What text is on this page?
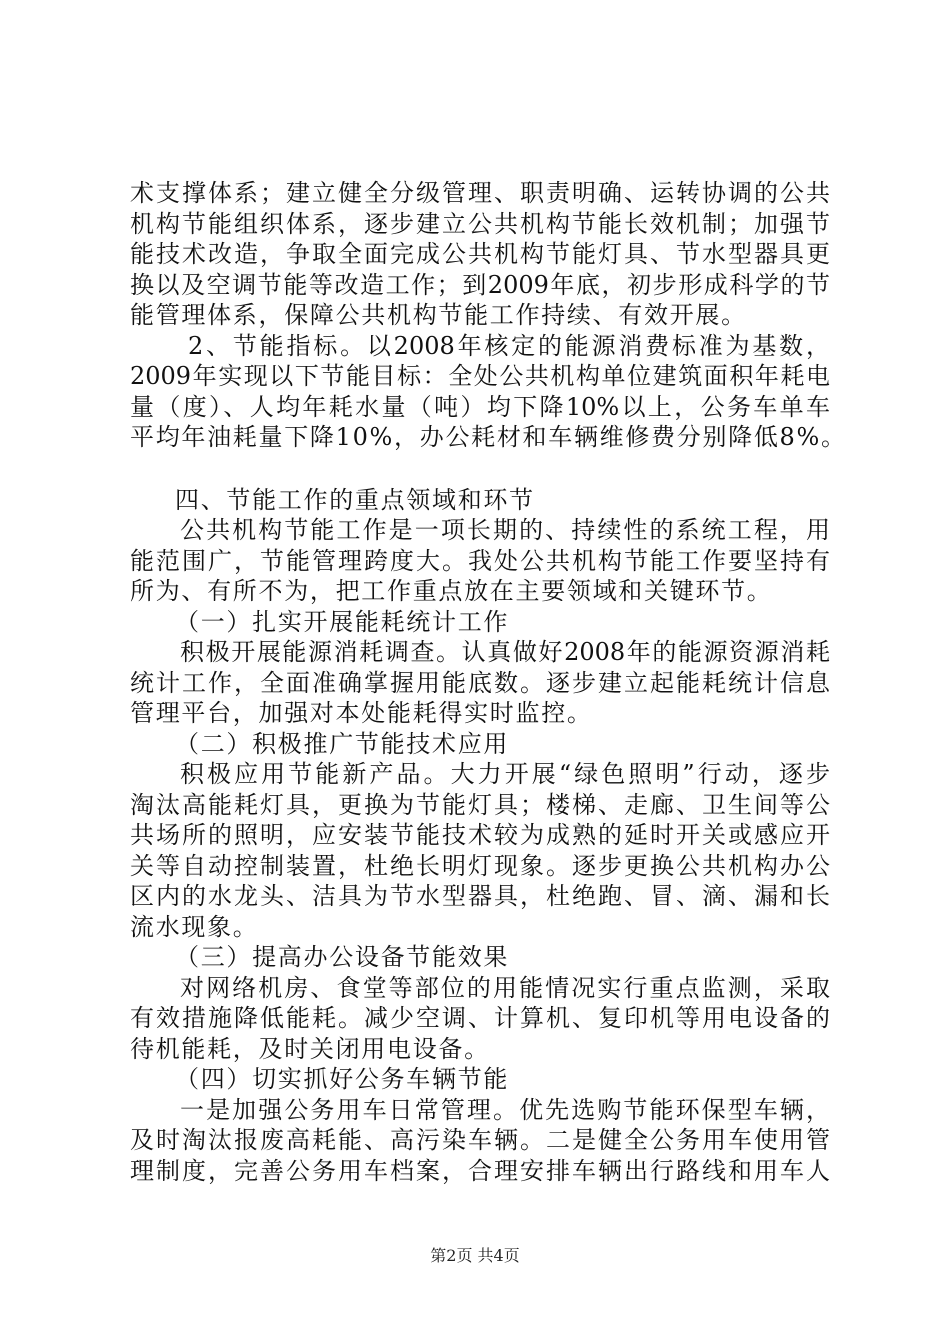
术支撑体系；建立健全分级管理、职责明确、运转协调的公共
机构节能组织体系，逐步建立公共机构节能长效机制；加强节
能技术改造，争取全面完成公共机构节能灯具、节水型器具更
换以及空调节能等改造工作；到2009年底，初步形成科学的节
能管理体系，保障公共机构节能工作持续、有效开展。
2、节能指标。以2008年核定的能源消费标准为基数，
2009年实现以下节能目标：全处公共机构单位建筑面积年耗电
量（度）、人均年耗水量（吨）均下降10%以上，公务车单车
平均年油耗量下降10%，办公耗材和车辆维修费分别降低8%。
四、节能工作的重点领域和环节
公共机构节能工作是一项长期的、持续性的系统工程，用
能范围广，节能管理跨度大。我处公共机构节能工作要坚持有
所为、有所不为，把工作重点放在主要领域和关键环节。
（一）扎实开展能耗统计工作
积极开展能源消耗调查。认真做好2008年的能源资源消耗
统计工作，全面准确掌握用能底数。逐步建立起能耗统计信息
管理平台，加强对本处能耗得实时监控。
（二）积极推广节能技术应用
积极应用节能新产品。大力开展“绿色照明”行动，逐步
淘汰高能耗灯具，更换为节能灯具；楼梯、走廊、卫生间等公
共场所的照明，应安装节能技术较为成熟的延时开关或感应开
关等自动控制装置，杜绝长明灯现象。逐步更换公共机构办公
区内的水龙头、洁具为节水型器具，杜绝跑、冒、滴、漏和长
流水现象。
（三）提高办公设备节能效果
对网络机房、食堂等部位的用能情况实行重点监测，采取
有效措施降低能耗。减少空调、计算机、复印机等用电设备的
待机能耗，及时关闭用电设备。
（四）切实抓好公务车辆节能
一是加强公务用车日常管理。优先选购节能环保型车辆，
及时淘汰报废高耗能、高污染车辆。二是健全公务用车使用管
理制度，完善公务用车档案，合理安排车辆出行路线和用车人
第2页 共4页
